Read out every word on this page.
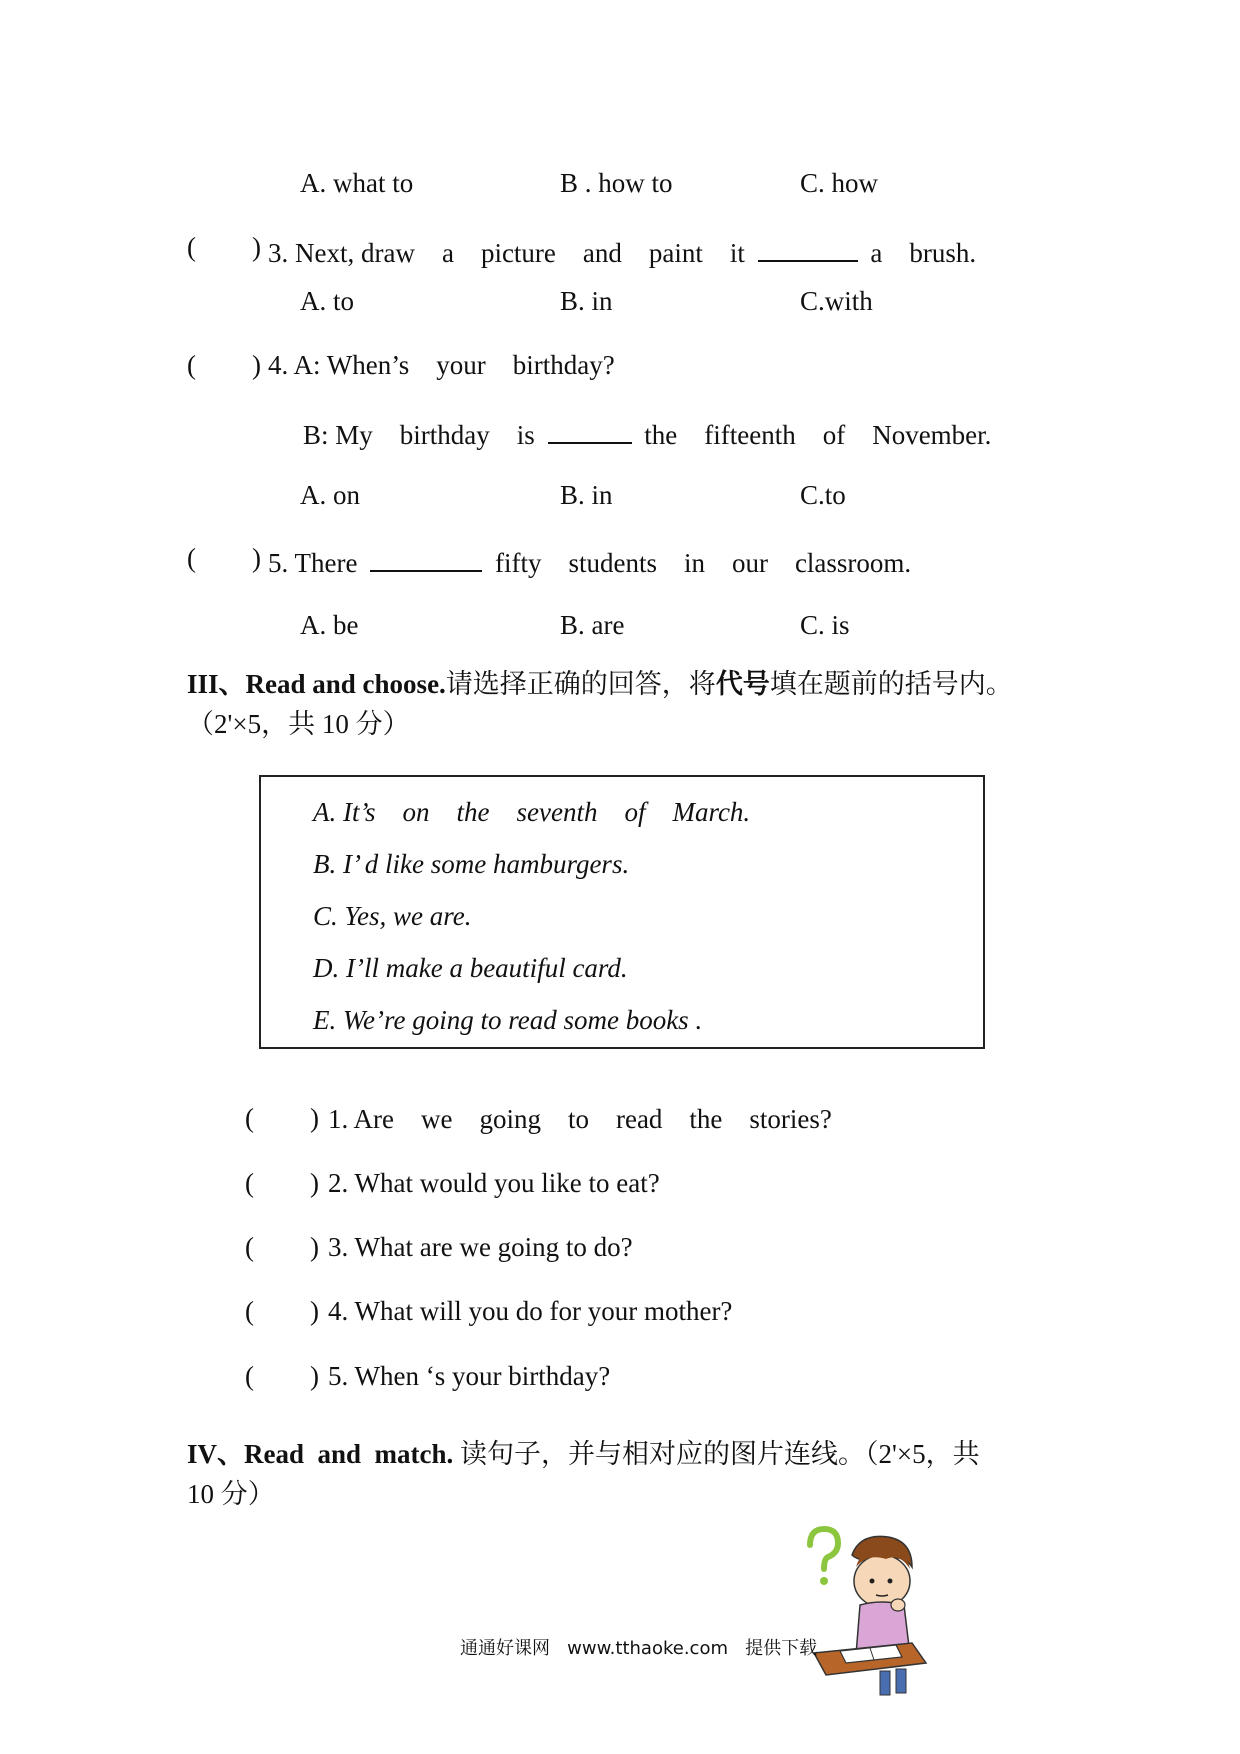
A. what to	B . how to	C. how
( ) 3. Next, draw    a    picture    and    paint    it	a    brush.
A. to	B. in	C.with
( ) 4. A: When’s    your    birthday?
B: My    birthday    is	the    fifteenth    of    November.
A. on	B. in	C.to
( ) 5. There	fifty    students    in    our    classroom.
A. be	B. are	C. is
III、Read and choose.请选择正确的回答，将代号填在题前的括号内。
（2'×5，共 10 分）
A. It’s    on    the    seventh    of    March.
B. I’ d like some hamburgers.
C. Yes, we are.
D. I’ll make a beautiful card.
E. We’re going to read some books .
( ) 1. Are    we    going    to    read    the    stories?
( ) 2. What would you like to eat?
( ) 3. What are we going to do?
( ) 4. What will you do for your mother?
( ) 5. When ‘s your birthday?
IV、Read  and  match. 读句子，并与相对应的图片连线。（2'×5，共
10 分）
通通好课网   www.tthaoke.com   提供下载
